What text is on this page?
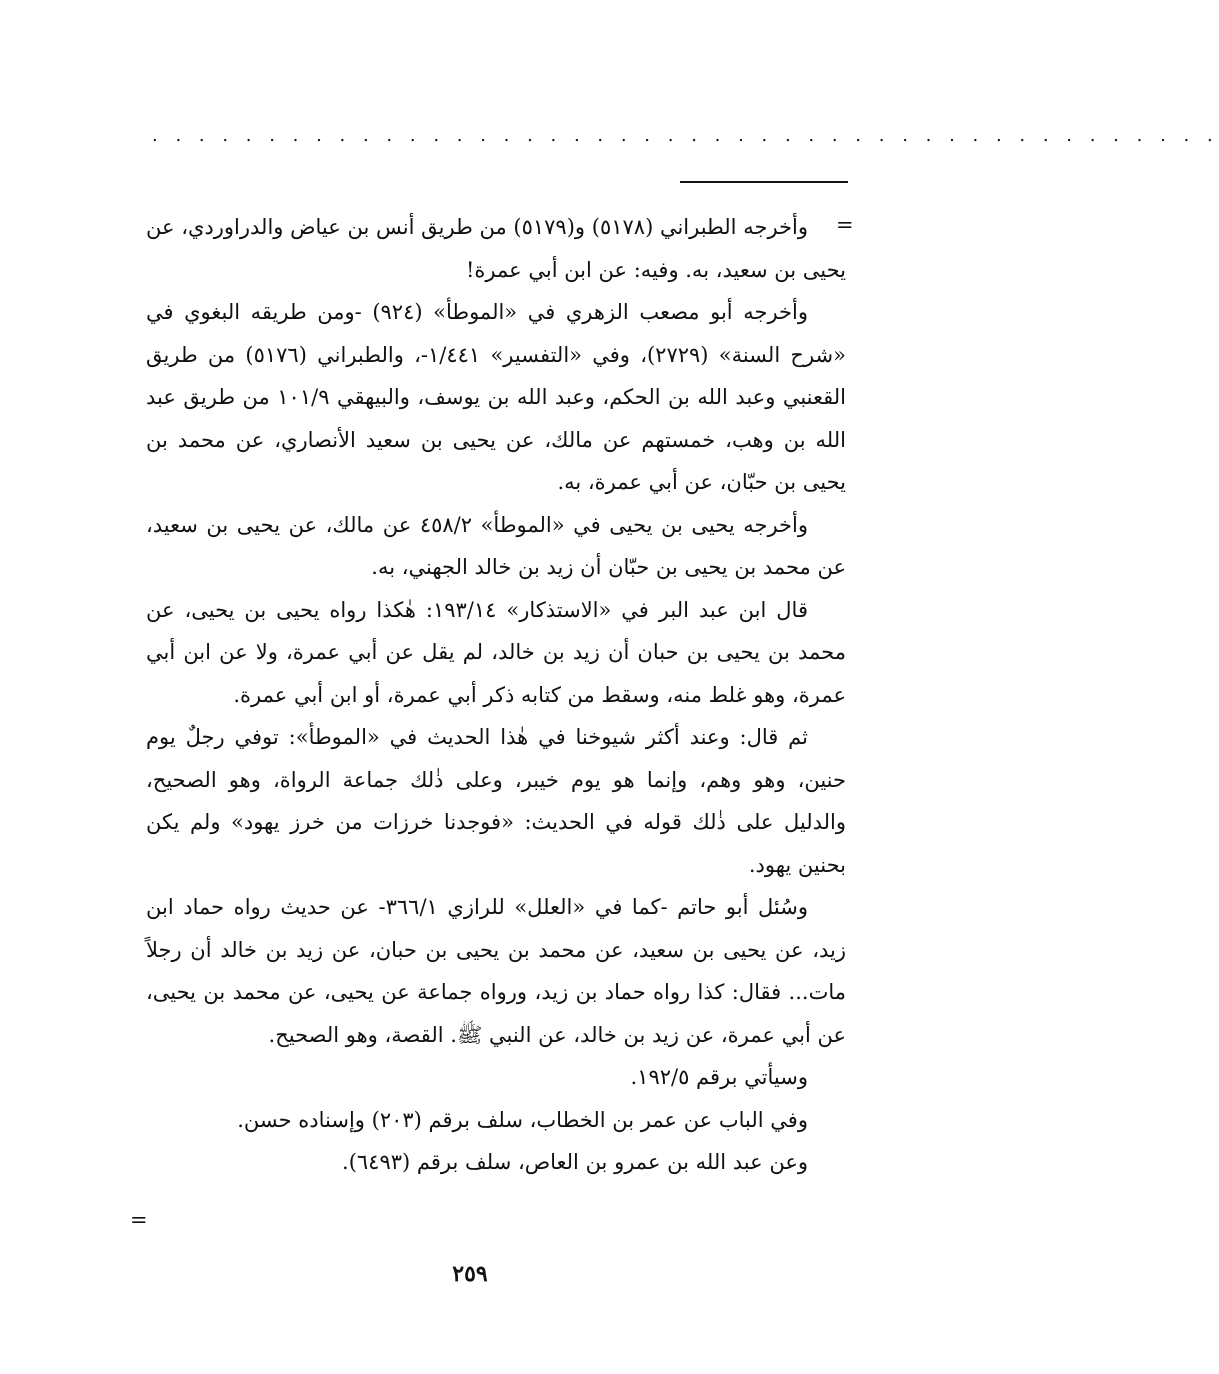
. . . . . . . . . . . . . . . . . . . . . . . . . . . . . . . . . . . . . . . . . . . . . .
=

وأخرجه الطبراني (٥١٧٨) و(٥١٧٩) من طريق أنس بن عياض والدراوردي، عن يحيى بن سعيد، به. وفيه: عن ابن أبي عمرة!

وأخرجه أبو مصعب الزهري في «الموطأ» (٩٢٤) -ومن طريقه البغوي في «شرح السنة» (٢٧٢٩)، وفي «التفسير» ١/٤٤١-، والطبراني (٥١٧٦) من طريق القعنبي وعبد الله بن الحكم، وعبد الله بن يوسف، والبيهقي ١٠١/٩ من طريق عبد الله بن وهب، خمستهم عن مالك، عن يحيى بن سعيد الأنصاري، عن محمد بن يحيى بن حبّان، عن أبي عمرة، به.

وأخرجه يحيى بن يحيى في «الموطأ» ٤٥٨/٢ عن مالك، عن يحيى بن سعيد، عن محمد بن يحيى بن حبّان أن زيد بن خالد الجهني، به.

قال ابن عبد البر في «الاستذكار» ١٩٣/١٤: هٰكذا رواه يحيى بن يحيى، عن محمد بن يحيى بن حبان أن زيد بن خالد، لم يقل عن أبي عمرة، ولا عن ابن أبي عمرة، وهو غلط منه، وسقط من كتابه ذكر أبي عمرة، أو ابن أبي عمرة.

ثم قال: وعند أكثر شيوخنا في هٰذا الحديث في «الموطأ»: توفي رجلٌ يوم حنين، وهو وهم، وإنما هو يوم خيبر، وعلى ذٰلك جماعة الرواة، وهو الصحيح، والدليل على ذٰلك قوله في الحديث: «فوجدنا خرزات من خرز يهود» ولم يكن بحنين يهود.

وسُئل أبو حاتم -كما في «العلل» للرازي ٣٦٦/١- عن حديث رواه حماد ابن زيد، عن يحيى بن سعيد، عن محمد بن يحيى بن حبان، عن زيد بن خالد أن رجلاً مات... فقال: كذا رواه حماد بن زيد، ورواه جماعة عن يحيى، عن محمد بن يحيى، عن أبي عمرة، عن زيد بن خالد، عن النبي ﷺ. القصة، وهو الصحيح.

وسيأتي برقم ١٩٢/٥.

وفي الباب عن عمر بن الخطاب، سلف برقم (٢٠٣) وإسناده حسن.

وعن عبد الله بن عمرو بن العاص، سلف برقم (٦٤٩٣).

=
٢٥٩
